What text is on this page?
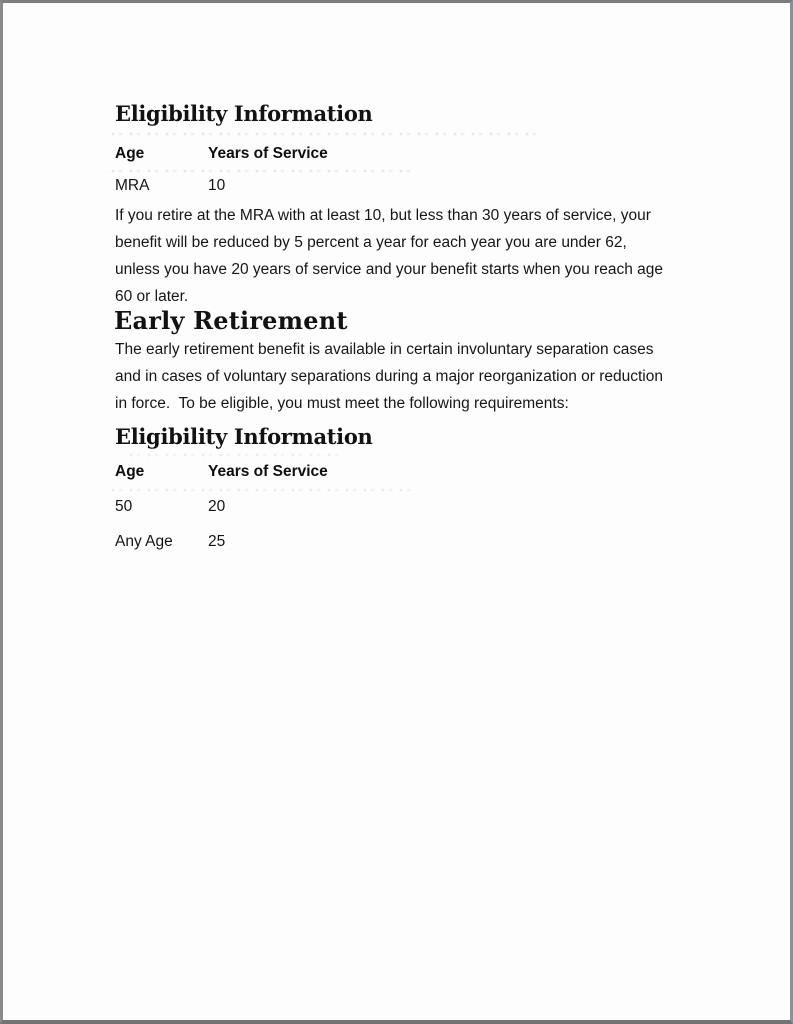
Eligibility Information
Age	Years of Service
MRA	10
If you retire at the MRA with at least 10, but less than 30 years of service, your
benefit will be reduced by 5 percent a year for each year you are under 62,
unless you have 20 years of service and your benefit starts when you reach age
60 or later.
Early Retirement
The early retirement benefit is available in certain involuntary separation cases
and in cases of voluntary separations during a major reorganization or reduction
in force.  To be eligible, you must meet the following requirements:
Eligibility Information
Age	Years of Service
50	20
Any Age 25
